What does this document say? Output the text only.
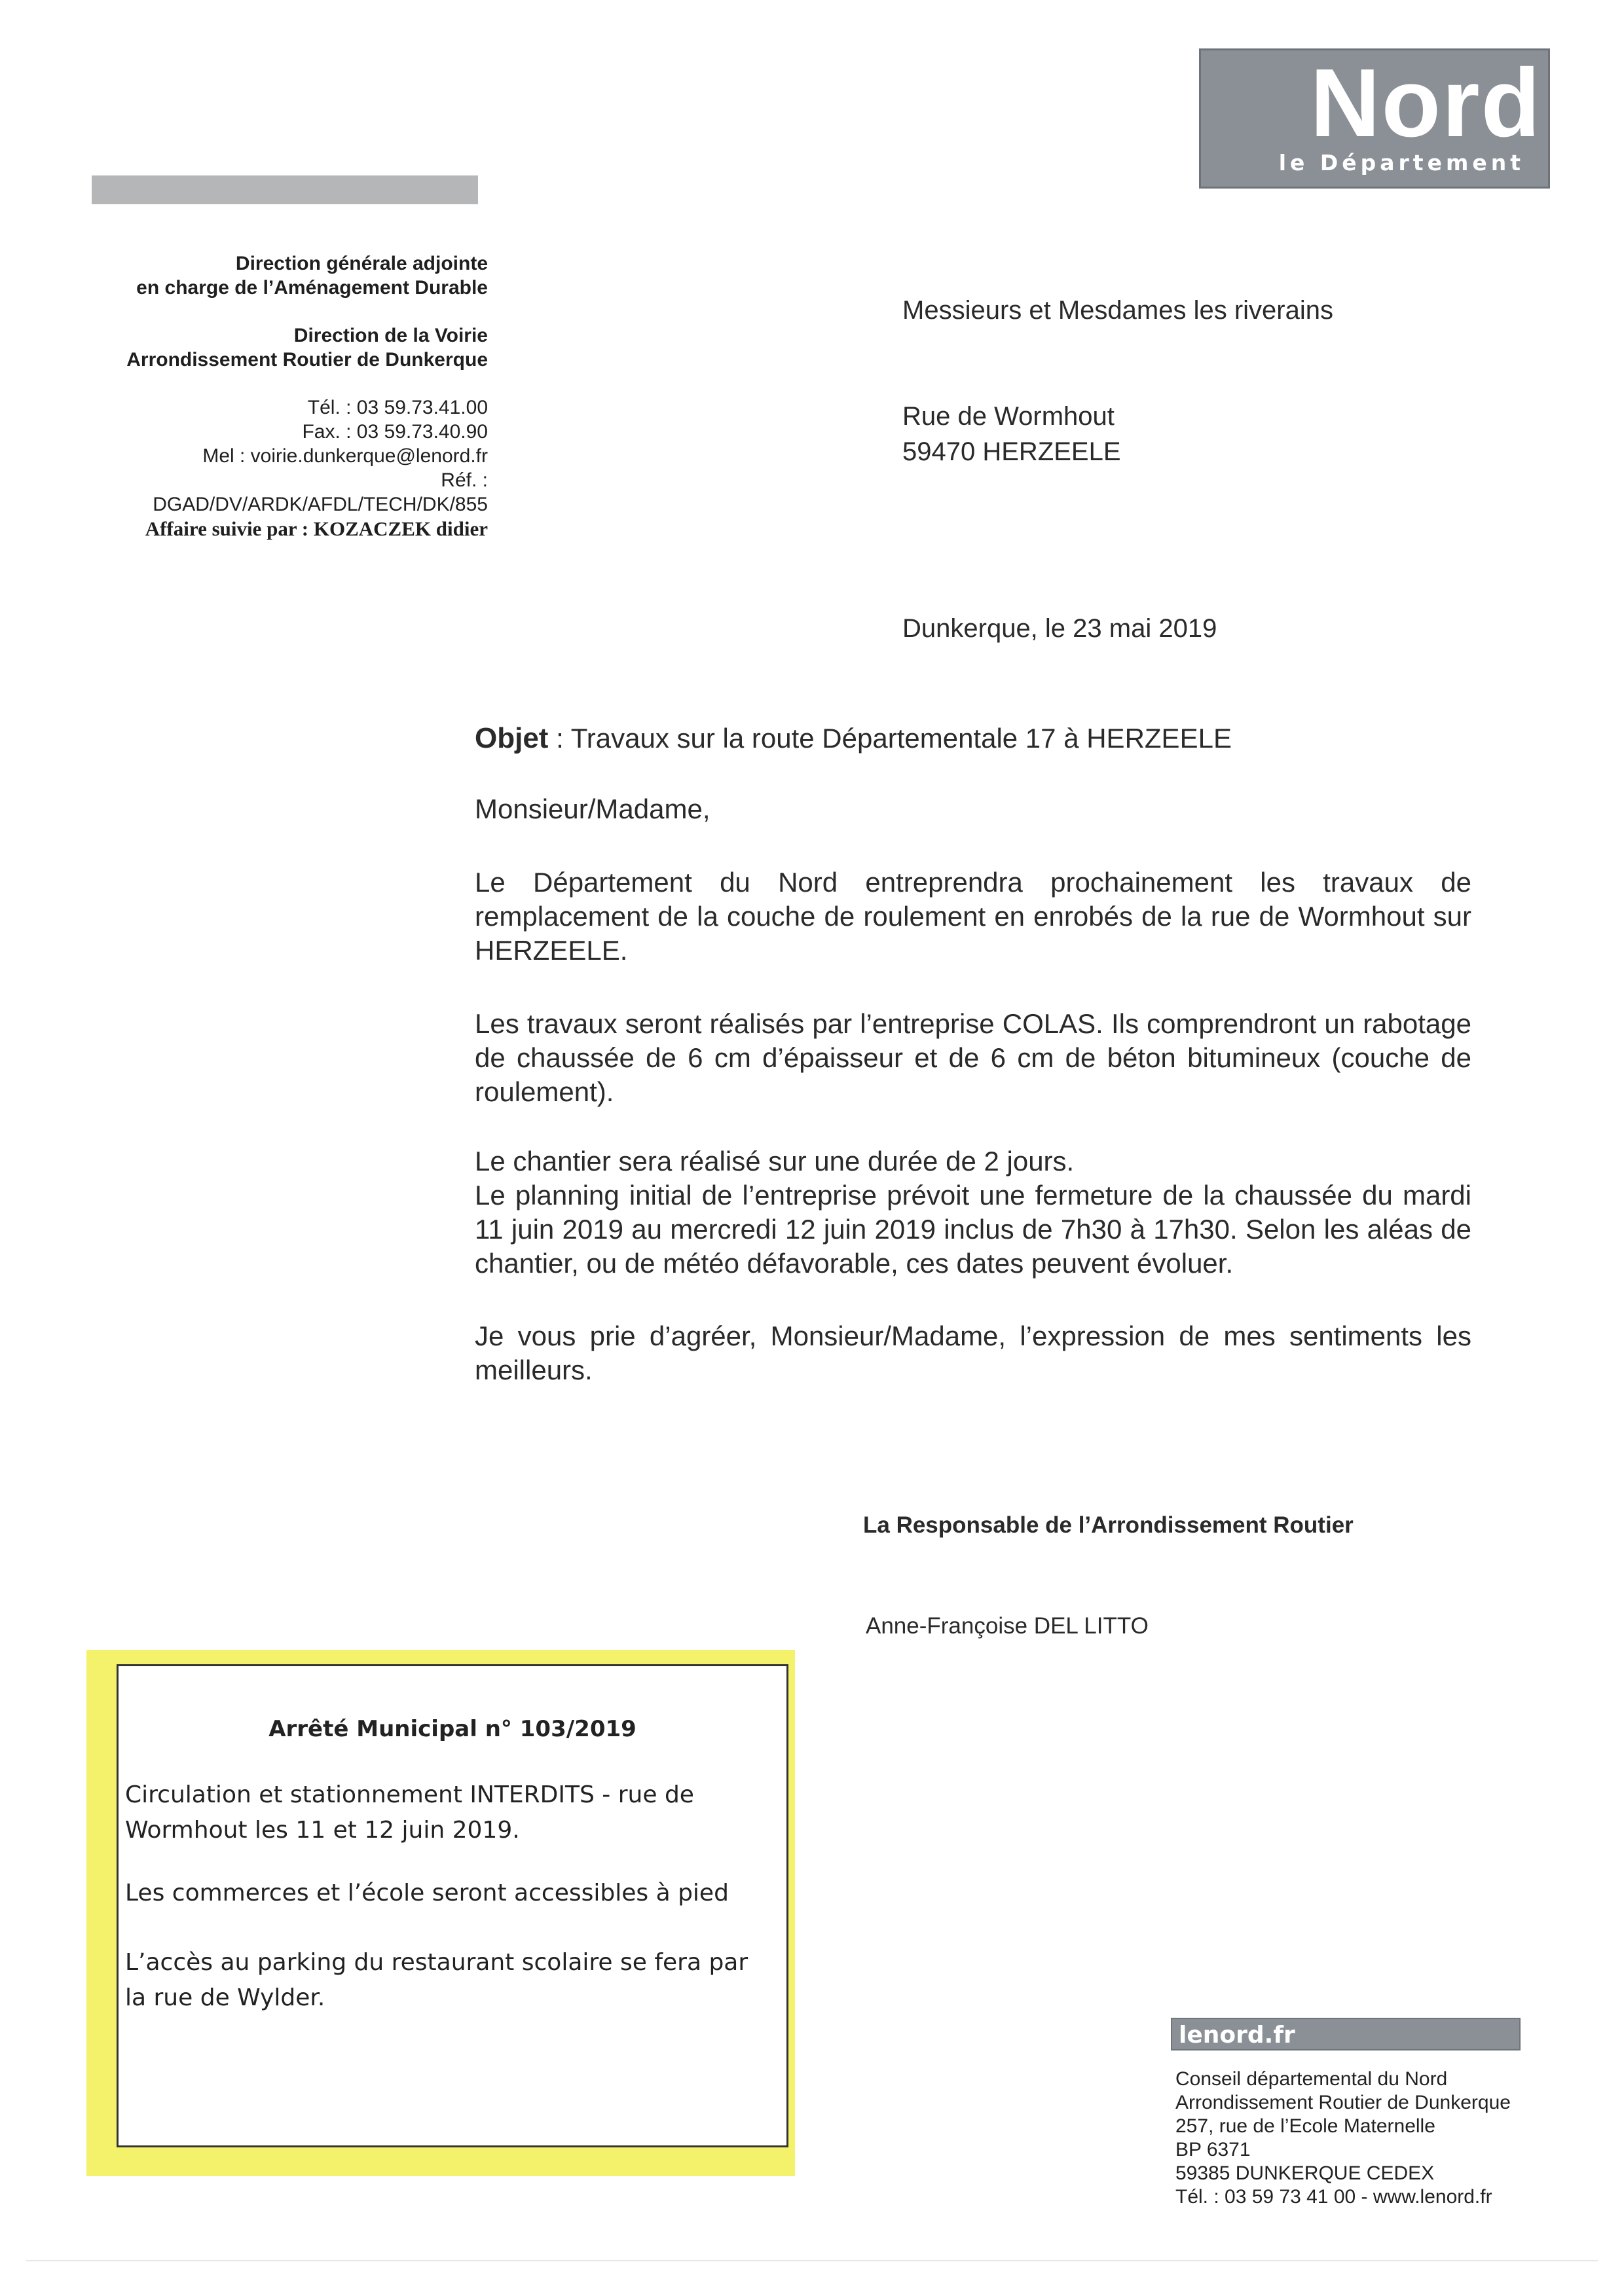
Nord
le Département
Direction générale adjointe
en charge de l’Aménagement Durable
Direction de la Voirie
Arrondissement Routier de Dunkerque
Tél. : 03 59.73.41.00
Fax. : 03 59.73.40.90
Mel : voirie.dunkerque@lenord.fr
Réf. :
DGAD/DV/ARDK/AFDL/TECH/DK/855
Affaire suivie par : KOZACZEK didier
Messieurs et Mesdames les riverains
Rue de Wormhout
59470 HERZEELE
Dunkerque, le 23 mai 2019
Objet : Travaux sur la route Départementale 17 à HERZEELE
Monsieur/Madame,
Le Département du Nord entreprendra prochainement les travaux de remplacement de la couche de roulement en enrobés de la rue de Wormhout sur HERZEELE.
Les travaux seront réalisés par l’entreprise COLAS. Ils comprendront un rabotage de chaussée de 6 cm d’épaisseur et de 6 cm de béton bitumineux (couche de roulement).
Le chantier sera réalisé sur une durée de 2 jours.
Le planning initial de l’entreprise prévoit une fermeture de la chaussée du mardi 11 juin 2019 au mercredi 12 juin 2019 inclus de 7h30 à 17h30. Selon les aléas de chantier, ou de météo défavorable, ces dates peuvent évoluer.
Je vous prie d’agréer, Monsieur/Madame, l’expression de mes sentiments les meilleurs.
La Responsable de l’Arrondissement Routier
Anne-Françoise DEL LITTO
Arrêté Municipal n° 103/2019
Circulation et stationnement INTERDITS - rue de Wormhout les 11 et 12 juin 2019.
Les commerces et l’école seront accessibles à pied
L’accès au parking du restaurant scolaire se fera par la rue de Wylder.
lenord.fr
Conseil départemental du Nord
Arrondissement Routier de Dunkerque
257, rue de l’Ecole Maternelle
BP 6371
59385 DUNKERQUE CEDEX
Tél. : 03 59 73 41 00 - www.lenord.fr
